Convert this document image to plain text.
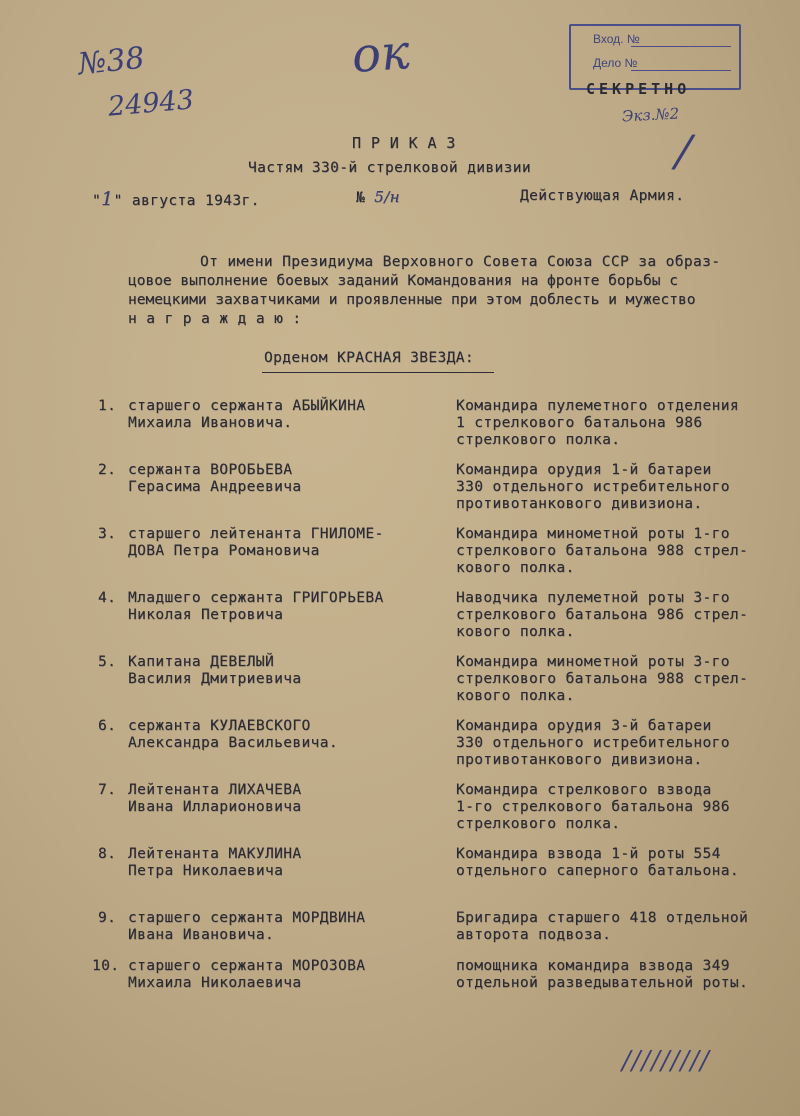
№38
24943
ок	Вход. №
Дело №
СЕКРЕТНО
Экз.№2
/
П Р И К А З
Частям 330-й стрелковой дивизии
"1" августа 1943г.	№ 5/н	Действующая Армия.
От имени Президиума Верховного Совета Союза ССР за образ-
цовое выполнение боевых заданий Командования на фронте борьбы с
немецкими захватчиками и проявленные при этом доблесть и мужество
н а г р а ж д а ю :
Орденом КРАСНАЯ ЗВЕЗДА:
1. старшего сержанта АБЫЙКИНА
Михаила Ивановича.
Командира пулеметного отделения
1 стрелкового батальона 986
стрелкового полка.
2. сержанта ВОРОБЬЕВА
Герасима Андреевича
Командира орудия 1-й батареи
330 отдельного истребительного
противотанкового дивизиона.
3. старшего лейтенанта ГНИЛОМЕ-
ДОВА Петра Романовича
Командира минометной роты 1-го
стрелкового батальона 988 стрел-
кового полка.
4. Младшего сержанта ГРИГОРЬЕВА
Николая Петровича
Наводчика пулеметной роты 3-го
стрелкового батальона 986 стрел-
кового полка.
5. Капитана ДЕВЕЛЫЙ
Василия Дмитриевича
Командира минометной роты 3-го
стрелкового батальона 988 стрел-
кового полка.
6. сержанта КУЛАЕВСКОГО
Александра Васильевича.
Командира орудия 3-й батареи
330 отдельного истребительного
противотанкового дивизиона.
7. Лейтенанта ЛИХАЧЕВА
Ивана Илларионовича
Командира стрелкового взвода
1-го стрелкового батальона 986
стрелкового полка.
8. Лейтенанта МАКУЛИНА
Петра Николаевича
Командира взвода 1-й роты 554
отдельного саперного батальона.
9. старшего сержанта МОРДВИНА
Ивана Ивановича.
Бригадира старшего 418 отдельной
авторота подвоза.
10. старшего сержанта МОРОЗОВА
Михаила Николаевича
помощника командира взвода 349
отдельной разведывательной роты.
/////////
